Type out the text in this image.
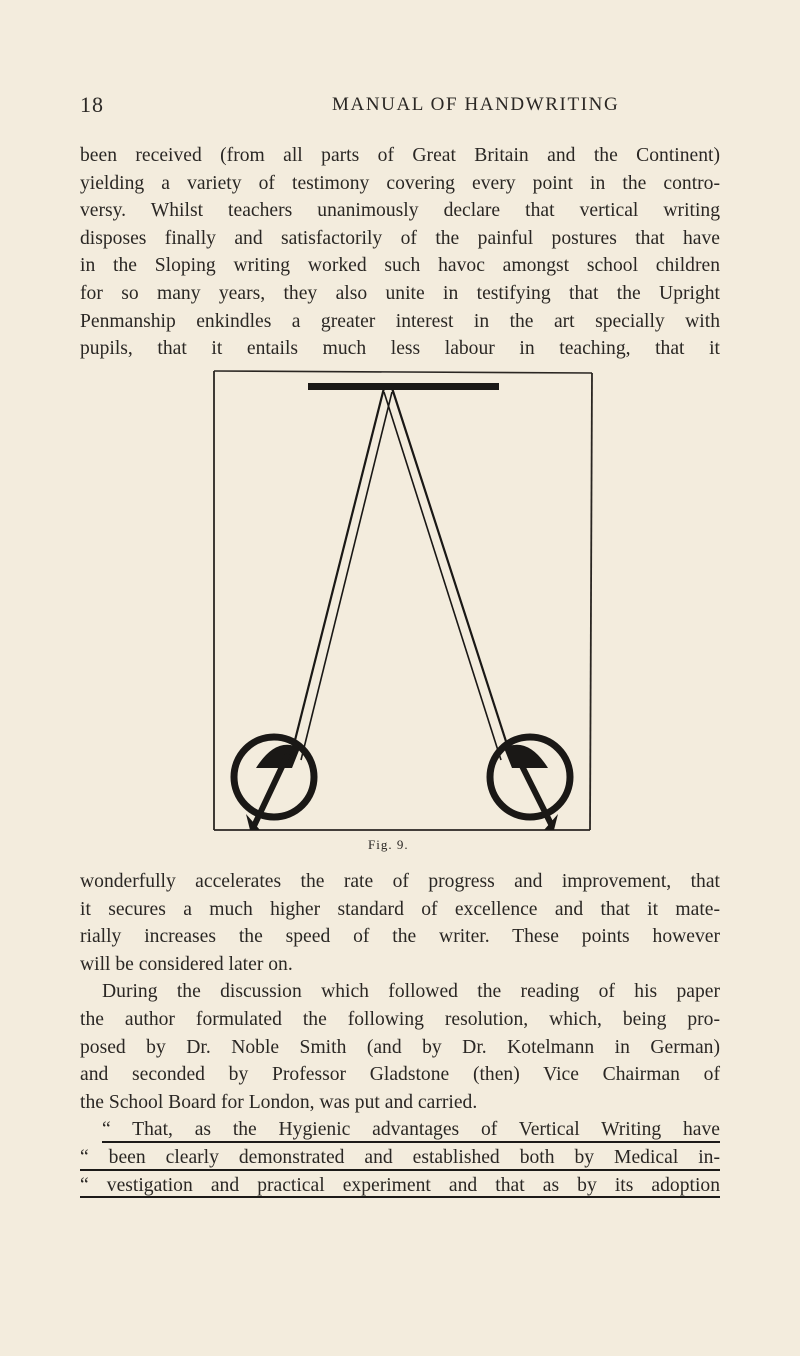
18	MANUAL OF HANDWRITING
been received (from all parts of Great Britain and the Continent)
yielding a variety of testimony covering every point in the contro-
versy. Whilst teachers unanimously declare that vertical writing
disposes finally and satisfactorily of the painful postures that have
in the Sloping writing worked such havoc amongst school children
for so many years, they also unite in testifying that the Upright
Penmanship enkindles a greater interest in the art specially with
pupils, that it entails much less labour in teaching, that it
Fig. 9.
wonderfully accelerates the rate of progress and improvement, that
it secures a much higher standard of excellence and that it mate-
rially increases the speed of the writer. These points however
will be considered later on.
During the discussion which followed the reading of his paper
the author formulated the following resolution, which, being pro-
posed by Dr. Noble Smith (and by Dr. Kotelmann in German)
and seconded by Professor Gladstone (then) Vice Chairman of
the School Board for London, was put and carried.
“ That, as the Hygienic advantages of Vertical Writing have
“ been clearly demonstrated and established both by Medical in-
“ vestigation and practical experiment and that as by its adoption
